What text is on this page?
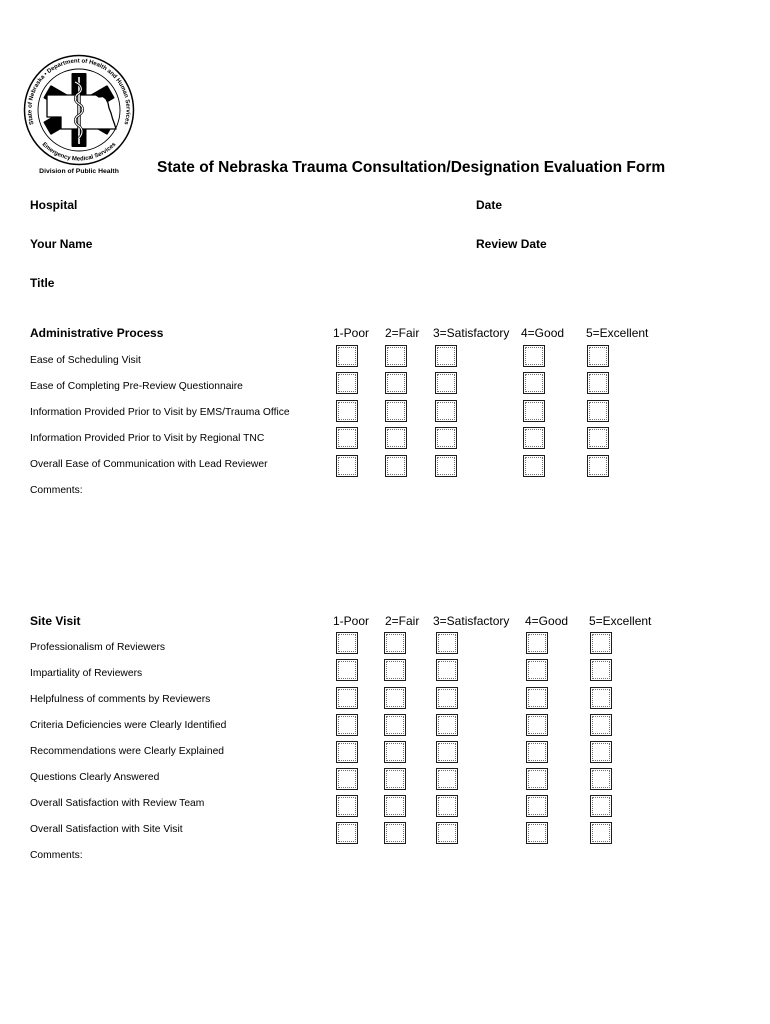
State of Nebraska • Department of Health and Human Services
Emergency Medical Services
Division of Public Health State of Nebraska Trauma Consultation/Designation Evaluation Form
Hospital	Date
Your Name	Review Date
Title
Administrative Process	1-Poor 2=Fair 3=Satisfactory 4=Good 5=Excellent
Ease of Scheduling Visit
Ease of Completing Pre-Review Questionnaire
Information Provided Prior to Visit by EMS/Trauma Office
Information Provided Prior to Visit by Regional TNC
Overall Ease of Communication with Lead Reviewer
Comments:
Site Visit	1-Poor 2=Fair 3=Satisfactory 4=Good 5=Excellent
Professionalism of Reviewers
Impartiality of Reviewers
Helpfulness of comments by Reviewers
Criteria Deficiencies were Clearly Identified
Recommendations were Clearly Explained
Questions Clearly Answered
Overall Satisfaction with Review Team
Overall Satisfaction with Site Visit
Comments:
